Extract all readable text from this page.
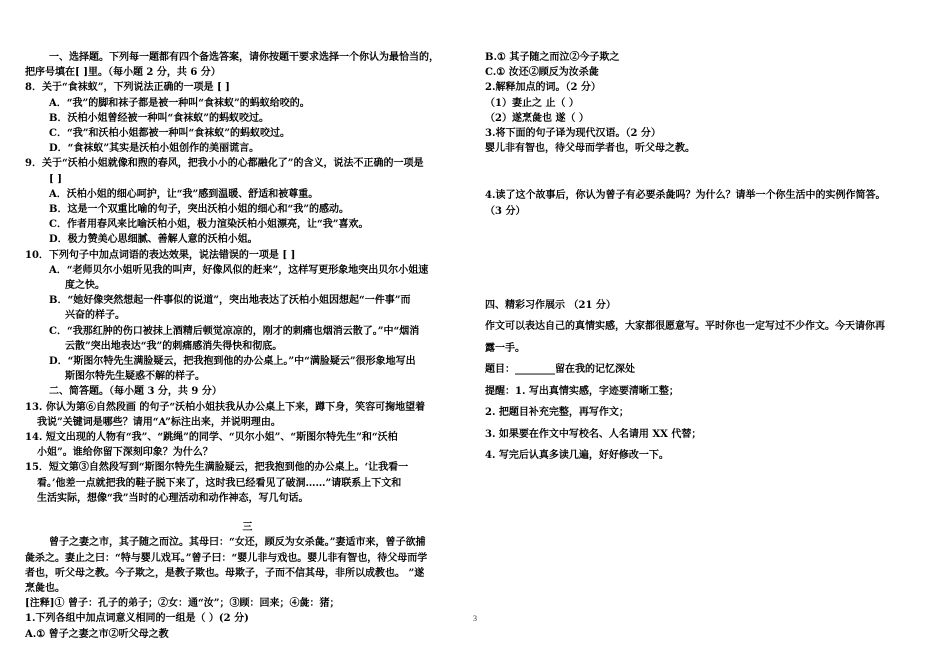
一、选择题。下列每一题都有四个备选答案，请你按题干要求选择一个你认为最恰当的，
把序号填在[ ]里。（每小题 2 分，共 6 分）
8．关于“食袜蚁”，下列说法正确的一项是 [ ]
A．“我”的脚和袜子都是被一种叫“食袜蚁”的蚂蚁给咬的。
B．沃柏小姐曾经被一种叫“食袜蚁”的蚂蚁咬过。
C．“我”和沃柏小姐都被一种叫“食袜蚁”的蚂蚁咬过。
D．“食袜蚁”其实是沃柏小姐创作的美丽谎言。
9．关于“沃柏小姐就像和煦的春风，把我小小的心都融化了”的含义，说法不正确的一项是
[ ]
A．沃柏小姐的细心呵护，让“我”感到温暖、舒适和被尊重。
B．这是一个双重比喻的句子，突出沃柏小姐的细心和“我”的感动。
C．作者用春风来比喻沃柏小姐，极力渲染沃柏小姐漂亮，让“我”喜欢。
D．极力赞美心思细腻、善解人意的沃柏小姐。
10．下列句子中加点词语的表达效果，说法错误的一项是 [ ]
A．“老师贝尔小姐听见我的叫声，好像风似的赶来”，这样写更形象地突出贝尔小姐速
度之快。
B．“她好像突然想起一件事似的说道”，突出地表达了沃柏小姐因想起“一件事”而
兴奋的样子。
C．“我那红肿的伤口被抹上酒精后顿觉凉凉的，刚才的刺痛也烟消云散了。”中“烟消
云散”突出地表达“我”的刺痛感消失得快和彻底。
D．“斯图尔特先生满脸疑云，把我抱到他的办公桌上。”中“满脸疑云”很形象地写出
斯图尔特先生疑惑不解的样子。
二、简答题。（每小题 3 分，共 9 分）
13. 你认为第⑥自然段画 的句子“沃柏小姐扶我从办公桌上下来，蹲下身，笑容可掬地望着
我说”关键词是哪些？请用“A”标注出来，并说明理由。
14. 短文出现的人物有“我”、“跳绳”的同学、“贝尔小姐”、“斯图尔特先生”和“沃柏
小姐”。谁给你留下深刻印象？为什么？
15．短文第③自然段写到“斯图尔特先生满脸疑云，把我抱到他的办公桌上。‘让我看一
看。’他差一点就把我的鞋子脱下来了，这时我已经看见了破洞……”请联系上下文和
生活实际，想像“我”当时的心理活动和动作神态，写几句话。
三
曾子之妻之市，其子随之而泣。其母曰：“女还，顾反为女杀彘。”妻适市来，曾子欲捕
彘杀之。妻止之曰：“特与婴儿戏耳。”曾子曰：“婴儿非与戏也。婴儿非有智也，待父母而学
者也，听父母之教。今子欺之，是教子欺也。母欺子，子而不信其母，非所以成教也。 ”遂
烹彘也。
[注释]① 曾子：孔子的弟子；②女：通“汝”；③顾：回来；④彘：猪；
1.下列各组中加点词意义相同的一组是（ ）(2 分)
A.① 曾子之妻之市②听父母之教
B.① 其子随之而泣②今子欺之
C.① 汝还②顾反为汝杀彘
2.解释加点的词。（2 分）
（1）妻止之 止（ ）
（2）遂烹彘也 遂（ ）
3.将下面的句子译为现代汉语。（2 分）
婴儿非有智也，待父母而学者也，听父母之教。
4.读了这个故事后，你认为曾子有必要杀彘吗？为什么？请举一个你生活中的实例作简答。
（3 分）
四、精彩习作展示 （21 分）
作文可以表达自己的真情实感，大家都很愿意写。平时你也一定写过不少作文。今天请你再
露一手。
题目：________留在我的记忆深处
提醒：1. 写出真情实感，字迹要清晰工整；
2. 把题目补充完整，再写作文；
3. 如果要在作文中写校名、人名请用 XX 代替；
4. 写完后认真多读几遍，好好修改一下。
3
